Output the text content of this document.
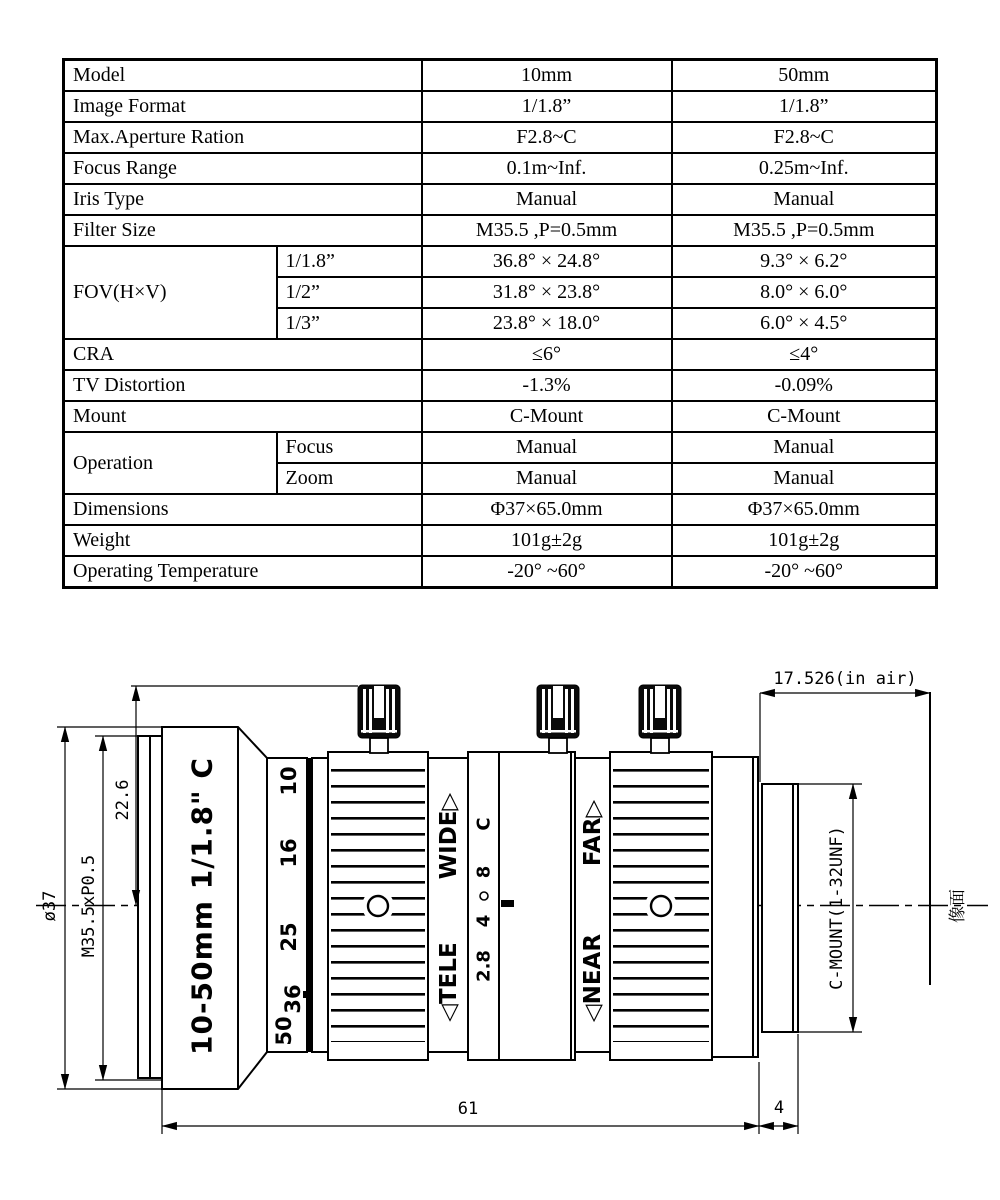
Model		10mm	50mm
Image Format		1/1.8”	1/1.8”
Max.Aperture Ration		F2.8~C	F2.8~C
Focus Range		0.1m~Inf.	0.25m~Inf.
Iris Type		Manual	Manual
Filter Size		M35.5 ,P=0.5mm	M35.5 ,P=0.5mm
FOV(H×V)	1/1.8”	36.8° × 24.8°	9.3° × 6.2°
	1/2”	31.8° × 23.8°	8.0° × 6.0°
	1/3”	23.8° × 18.0°	6.0° × 4.5°
CRA		≤6°	≤4°
TV Distortion		-1.3%	-0.09%
Mount		C-Mount	C-Mount
Operation	Focus	Manual	Manual
	Zoom	Manual	Manual
Dimensions		Φ37×65.0mm	Φ37×65.0mm
Weight		101g±2g	101g±2g
Operating Temperature		-20° ~60°	-20° ~60°
10-50mm 1/1.8" C	10
16
25
36
50
WIDE▷
◁TELE
C
8
4
2.8
FAR▷
◁NEAR
22.6
ø37 M35.5xP0.5
17.526(in air)
像面
C-MOUNT(1-32UNF)
61	4
